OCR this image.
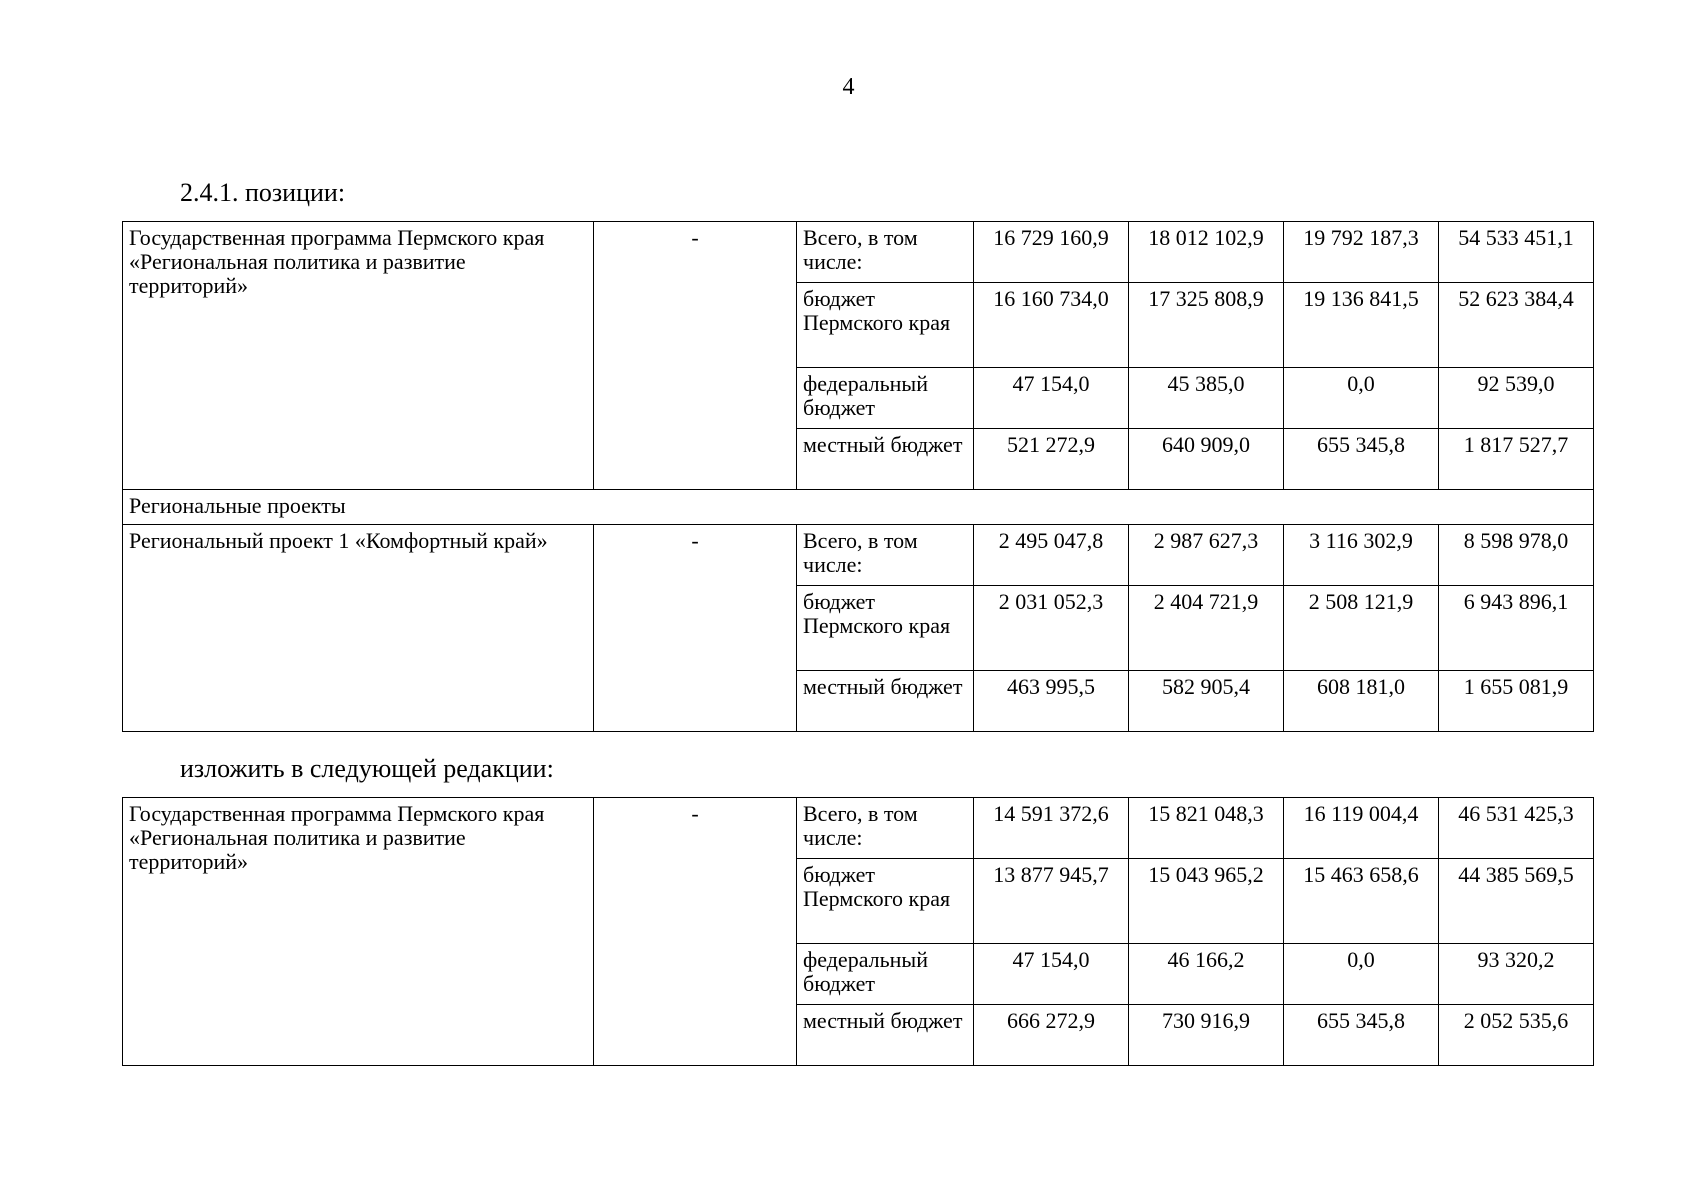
4
2.4.1. позиции:
Государственная программа Пермского края «Региональная политика и развитие территорий»	-	Всего, в том числе:	16 729 160,9	18 012 102,9	19 792 187,3	54 533 451,1
		бюджет Пермского края	16 160 734,0	17 325 808,9	19 136 841,5	52 623 384,4
		федеральный бюджет	47 154,0	45 385,0	0,0	92 539,0
		местный бюджет	521 272,9	640 909,0	655 345,8	1 817 527,7
Региональные проекты						
Региональный проект 1 «Комфортный край»	-	Всего, в том числе:	2 495 047,8	2 987 627,3	3 116 302,9	8 598 978,0
		бюджет Пермского края	2 031 052,3	2 404 721,9	2 508 121,9	6 943 896,1
		местный бюджет	463 995,5	582 905,4	608 181,0	1 655 081,9
изложить в следующей редакции:
Государственная программа Пермского края «Региональная политика и развитие территорий»	-	Всего, в том числе:	14 591 372,6	15 821 048,3	16 119 004,4	46 531 425,3
		бюджет Пермского края	13 877 945,7	15 043 965,2	15 463 658,6	44 385 569,5
		федеральный бюджет	47 154,0	46 166,2	0,0	93 320,2
		местный бюджет	666 272,9	730 916,9	655 345,8	2 052 535,6
